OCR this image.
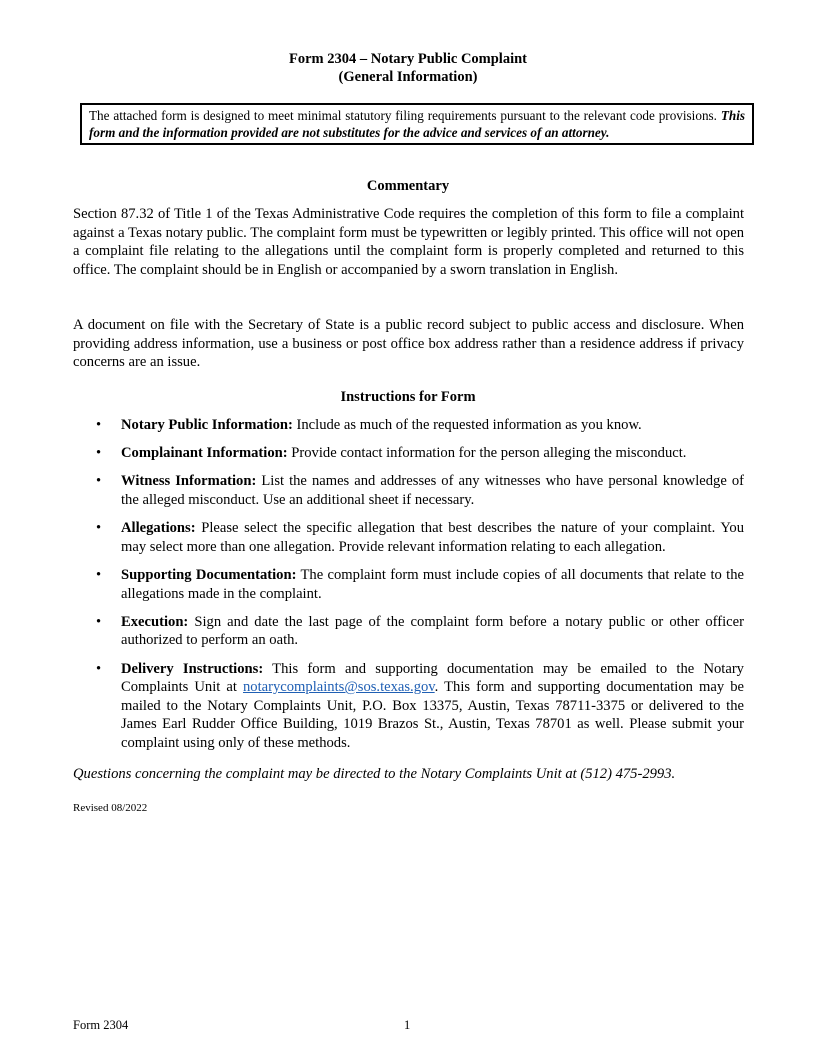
Form 2304 – Notary Public Complaint
(General Information)
The attached form is designed to meet minimal statutory filing requirements pursuant to the relevant code provisions. This form and the information provided are not substitutes for the advice and services of an attorney.
Commentary
Section 87.32 of Title 1 of the Texas Administrative Code requires the completion of this form to file a complaint against a Texas notary public. The complaint form must be typewritten or legibly printed. This office will not open a complaint file relating to the allegations until the complaint form is properly completed and returned to this office. The complaint should be in English or accompanied by a sworn translation in English.
A document on file with the Secretary of State is a public record subject to public access and disclosure. When providing address information, use a business or post office box address rather than a residence address if privacy concerns are an issue.
Instructions for Form
• Notary Public Information: Include as much of the requested information as you know.
• Complainant Information: Provide contact information for the person alleging the misconduct.
• Witness Information: List the names and addresses of any witnesses who have personal knowledge of the alleged misconduct. Use an additional sheet if necessary.
• Allegations: Please select the specific allegation that best describes the nature of your complaint. You may select more than one allegation. Provide relevant information relating to each allegation.
• Supporting Documentation: The complaint form must include copies of all documents that relate to the allegations made in the complaint.
• Execution: Sign and date the last page of the complaint form before a notary public or other officer authorized to perform an oath.
• Delivery Instructions: This form and supporting documentation may be emailed to the Notary Complaints Unit at notarycomplaints@sos.texas.gov. This form and supporting documentation may be mailed to the Notary Complaints Unit, P.O. Box 13375, Austin, Texas 78711-3375 or delivered to the James Earl Rudder Office Building, 1019 Brazos St., Austin, Texas 78701 as well. Please submit your complaint using only of these methods.
Questions concerning the complaint may be directed to the Notary Complaints Unit at (512) 475-2993.
Revised 08/2022
Form 2304	1
